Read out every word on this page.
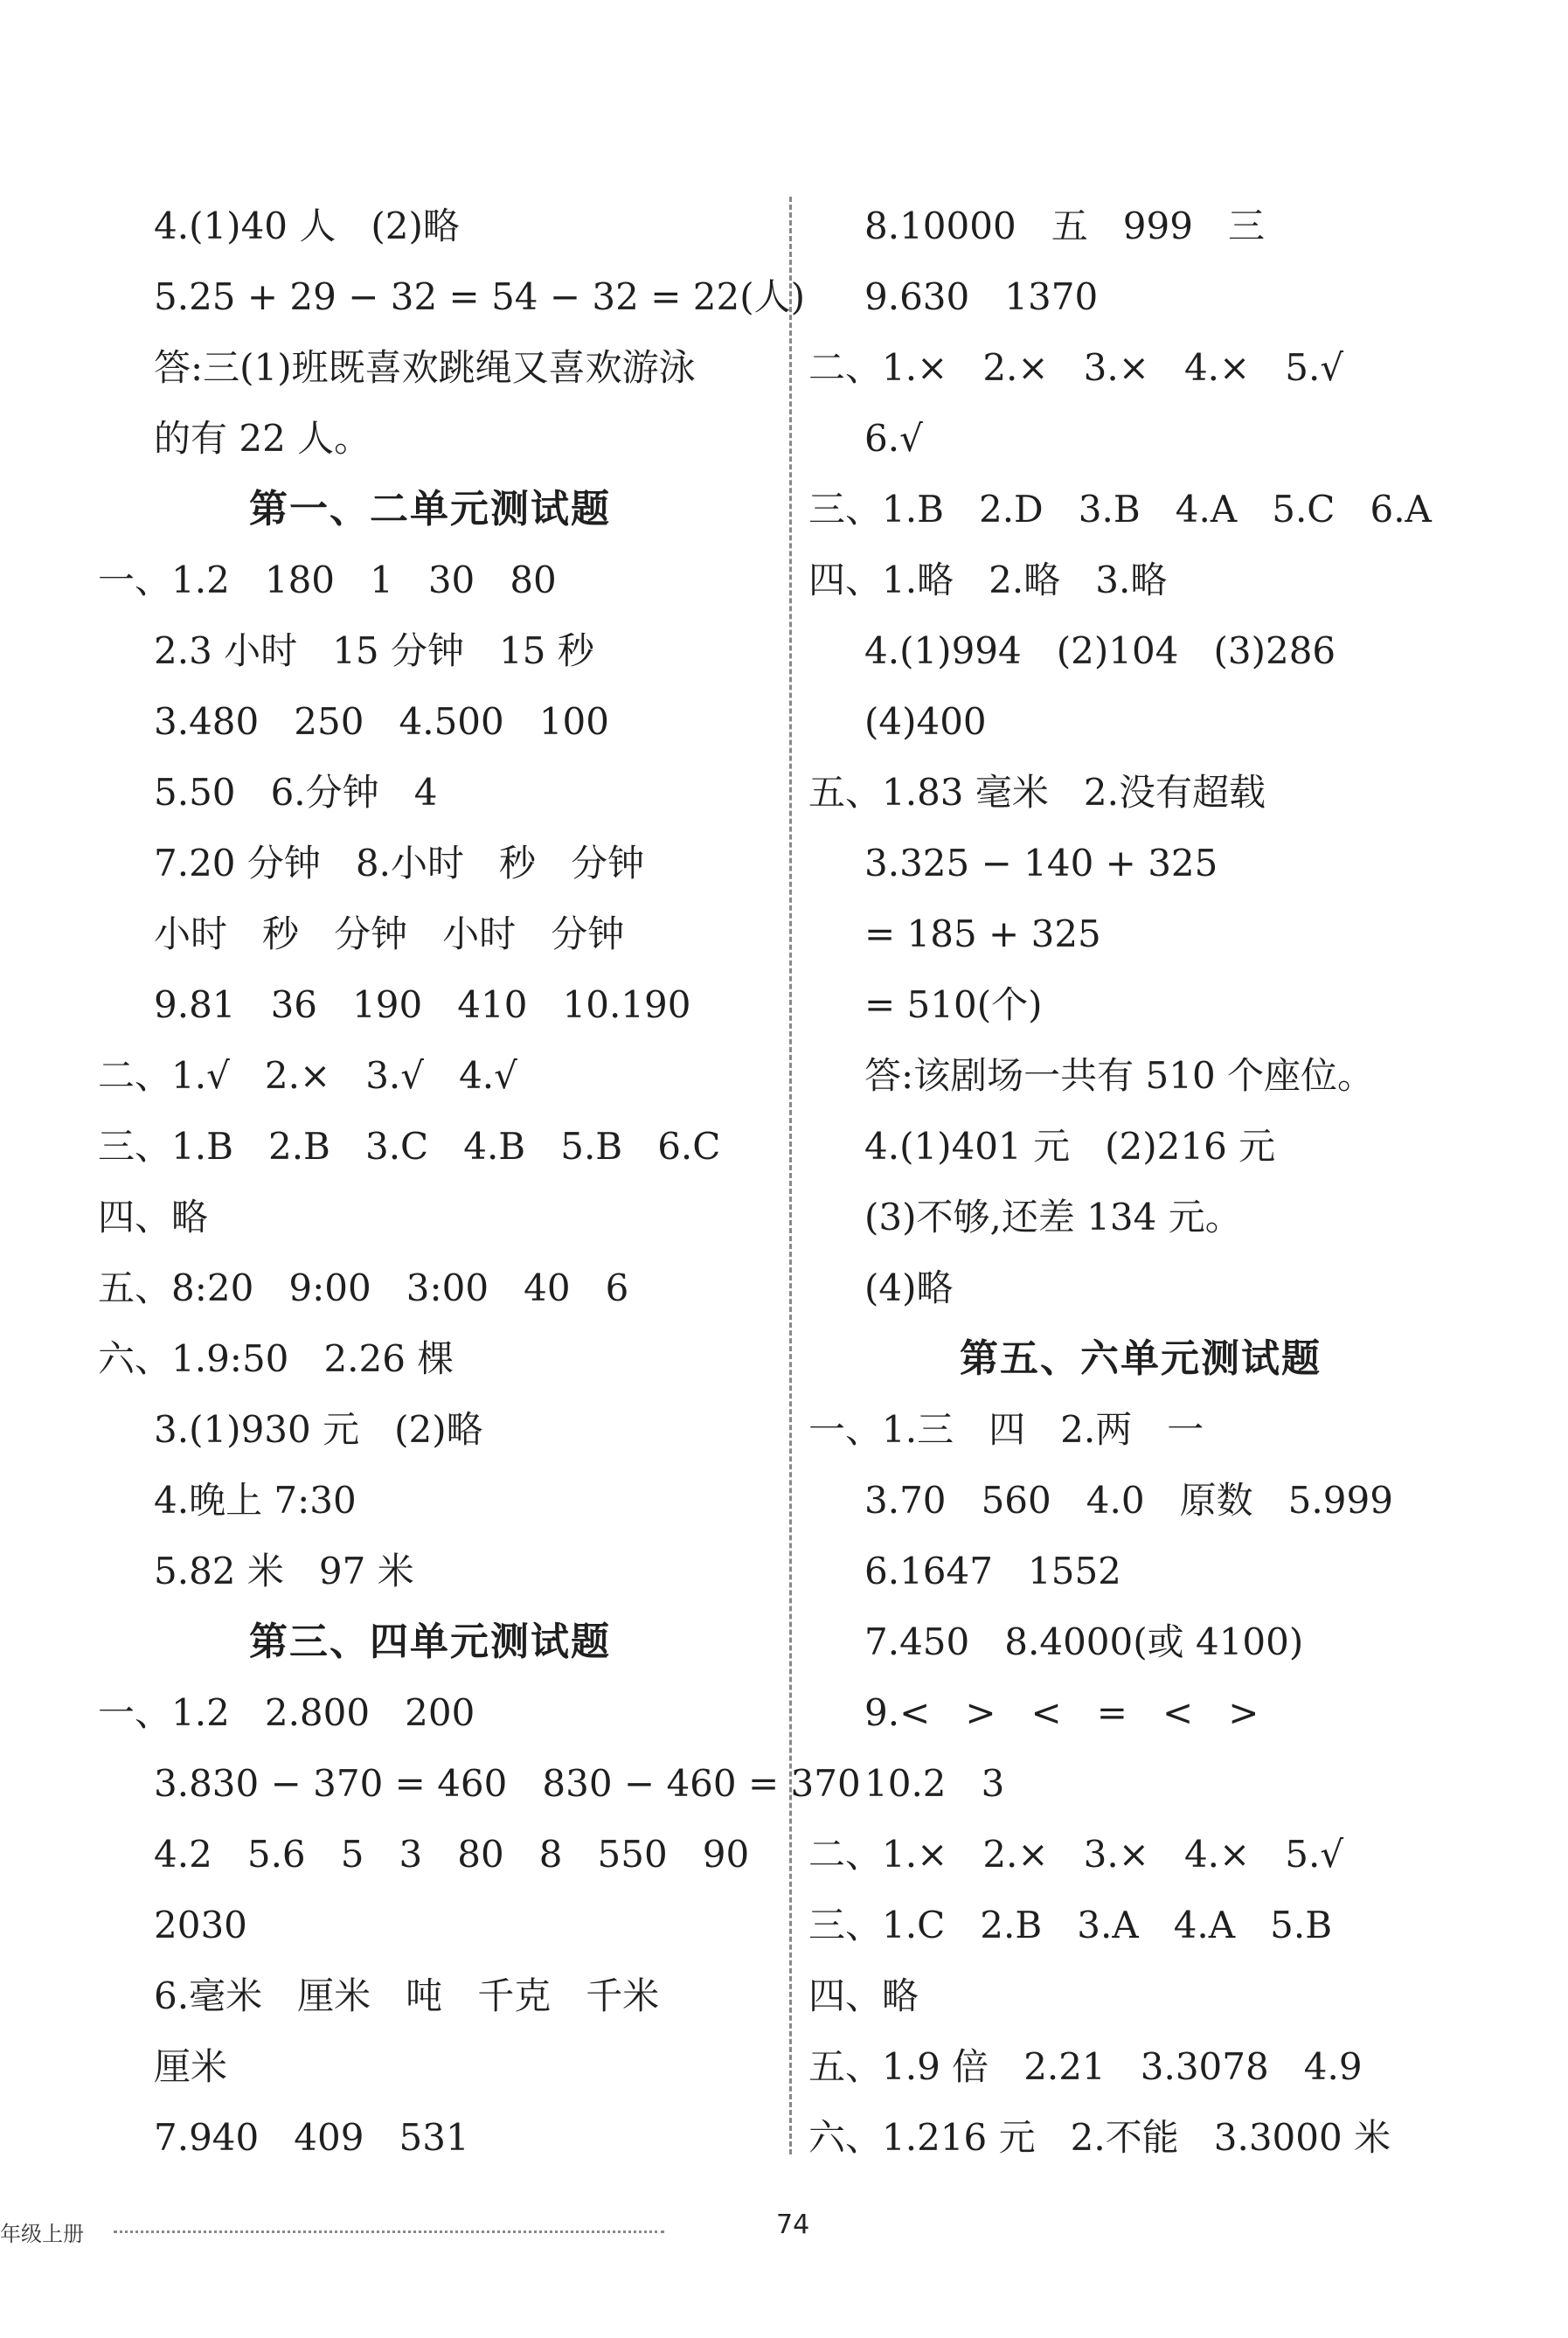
4.(1)40 人   (2)略
5.25 + 29 − 32 = 54 − 32 = 22(人)
答:三(1)班既喜欢跳绳又喜欢游泳
的有 22 人。
第一、二单元测试题
一、1.2   180   1   30   80
2.3 小时   15 分钟   15 秒
3.480   250   4.500   100
5.50   6.分钟   4
7.20 分钟   8.小时   秒   分钟
小时   秒   分钟   小时   分钟
9.81   36   190   410   10.190
二、1.√   2.×   3.√   4.√
三、1.B   2.B   3.C   4.B   5.B   6.C
四、略
五、8:20   9:00   3:00   40   6
六、1.9:50   2.26 棵
3.(1)930 元   (2)略
4.晚上 7:30
5.82 米   97 米
第三、四单元测试题
一、1.2   2.800   200
3.830 − 370 = 460   830 − 460 = 370
4.2   5.6   5   3   80   8   550   90
2030
6.毫米   厘米   吨   千克   千米
厘米
7.940   409   531
8.10000   五   999   三
9.630   1370
二、1.×   2.×   3.×   4.×   5.√
6.√
三、1.B   2.D   3.B   4.A   5.C   6.A
四、1.略   2.略   3.略
4.(1)994   (2)104   (3)286
(4)400
五、1.83 毫米   2.没有超载
3.325 − 140 + 325
= 185 + 325
= 510(个)
答:该剧场一共有 510 个座位。
4.(1)401 元   (2)216 元
(3)不够,还差 134 元。
(4)略
第五、六单元测试题
一、1.三   四   2.两   一
3.70   560   4.0   原数   5.999
6.1647   1552
7.450   8.4000(或 4100)
9.<   >   <   =   <   >
10.2   3
二、1.×   2.×   3.×   4.×   5.√
三、1.C   2.B   3.A   4.A   5.B
四、略
五、1.9 倍   2.21   3.3078   4.9
六、1.216 元   2.不能   3.3000 米
年级上册	74
